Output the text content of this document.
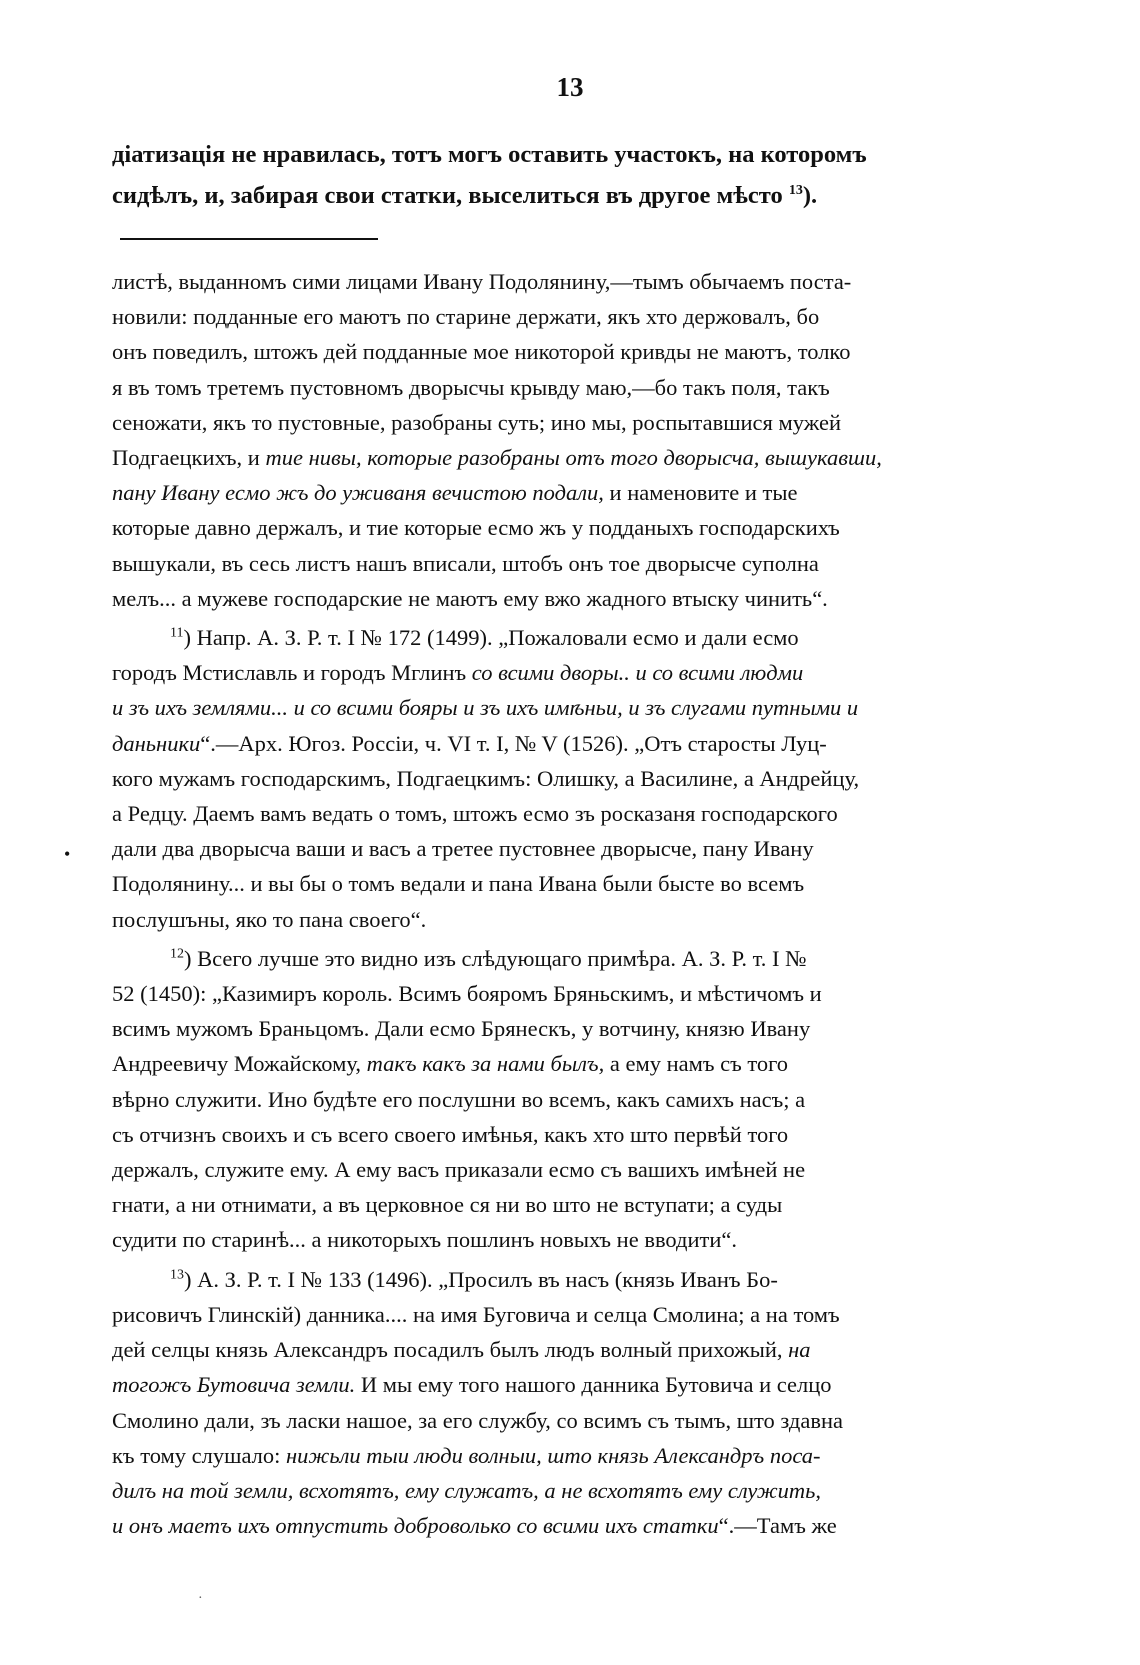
13
діатизація не нравилась, тотъ могъ оставить участокъ, на которомъ
сидѣлъ, и, забирая свои статки, выселиться въ другое мѣсто $^{13}$).

листѣ, выданномъ сими лицами Ивану Подолянину,—тымъ обычаемъ поста-
новили: подданные его маютъ по старине держати, якъ хто держовалъ, бо
онъ поведилъ, штожъ дей подданные мое никоторой кривды не маютъ, толко
я въ томъ третемъ пустовномъ дворысчы крывду маю,—бо такъ поля, такъ
сеножати, якъ то пустовные, разобраны суть; ино мы, роспытавшися мужей
Подгаецкихъ, и тие нивы, которые разобраны отъ того дворысча, вышукавши,
пану Ивану есмо жъ до уживаня вечистою подали, и наменовите и тые
которые давно держалъ, и тие которые есмо жъ у подданыхъ господарскихъ
вышукали, въ сесь листъ нашъ вписали, штобъ онъ тое дворысче суполна
мелъ... а мужеве господарские не маютъ ему вжо жадного втыску чинить“.

$^{11}$) Напр. А. З. Р. т. I № 172 (1499). „Пожаловали есмо и дали есмо
городъ Мстиславль и городъ Мглинъ со всими дворы.. и со всими людми
и зъ ихъ землями... и со всими бояры и зъ ихъ имѣньи, и зъ слугами путными и
даньники“.—Арх. Югоз. Россіи, ч. VI т. I, № V (1526). „Отъ старосты Луц-
кого мужамъ господарскимъ, Подгаецкимъ: Олишку, а Василине, а Андрейцу,
а Редцу. Даемъ вамъ ведать о томъ, штожъ есмо зъ росказаня господарского
дали два дворысча ваши и васъ а третее пустовнее дворысче, пану Ивану
Подолянину... и вы бы о томъ ведали и пана Ивана были бысте во всемъ
послушъны, яко то пана своего“.

$^{12}$) Всего лучше это видно изъ слѣдующаго примѣра. А. З. Р. т. I №
52 (1450): „Казимиръ король. Всимъ бояромъ Бряньскимъ, и мѣстичомъ и
всимъ мужомъ Браньцомъ. Дали есмо Брянескъ, у вотчину, князю Ивану
Андреевичу Можайскому, такъ какъ за нами былъ, а ему намъ съ того
вѣрно служити. Ино будѣте его послушни во всемъ, какъ самихъ насъ; а
съ отчизнъ своихъ и съ всего своего имѣнья, какъ хто што первѣй того
держалъ, служите ему. А ему васъ приказали есмо съ вашихъ имѣней не
гнати, а ни отнимати, а въ церковное ся ни во што не вступати; а суды
судити по старинѣ... а никоторыхъ пошлинъ новыхъ не вводити“.

$^{13}$) А. З. Р. т. I № 133 (1496). „Просилъ въ насъ (князь Иванъ Бо-
рисовичъ Глинскій) данника.... на имя Буговича и селца Смолина; а на томъ
дей селцы князь Александръ посадилъ былъ людъ волный прихожый, на
тогожъ Бутовича земли. И мы ему того нашого данника Бутовича и селцо
Смолино дали, зъ ласки нашое, за его службу, со всимъ съ тымъ, што здавна
къ тому слушало: нижьли тыи люди волныи, што князь Александръ поса-
дилъ на той земли, всхотятъ, ему служатъ, а не всхотятъ ему служить,
и онъ маетъ ихъ отпустить доброволько со всими ихъ статки“.—Тамъ же

•
·
